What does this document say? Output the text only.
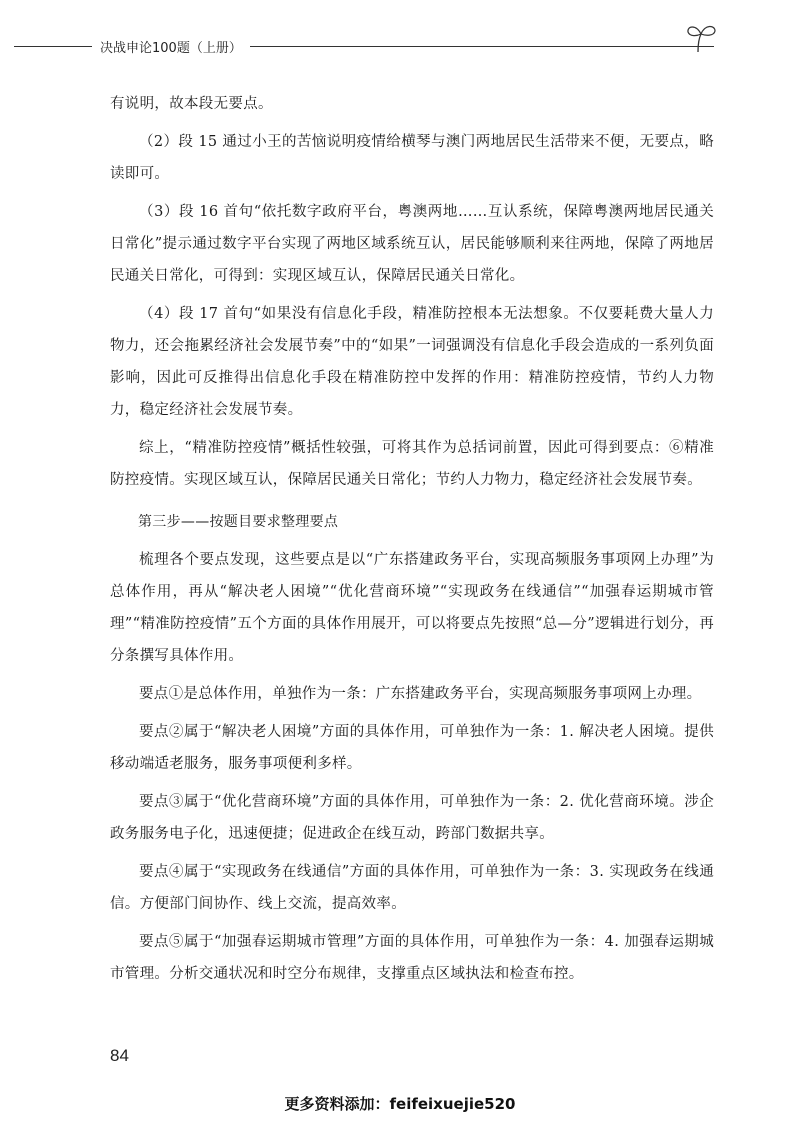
决战申论100题（上册）

有说明，故本段无要点。

（2）段 15 通过小王的苦恼说明疫情给横琴与澳门两地居民生活带来不便，无要点，略读即可。

（3）段 16 首句“依托数字政府平台，粤澳两地……互认系统，保障粤澳两地居民通关日常化”提示通过数字平台实现了两地区域系统互认，居民能够顺利来往两地，保障了两地居民通关日常化，可得到：实现区域互认，保障居民通关日常化。

（4）段 17 首句“如果没有信息化手段，精准防控根本无法想象。不仅要耗费大量人力物力，还会拖累经济社会发展节奏”中的“如果”一词强调没有信息化手段会造成的一系列负面影响，因此可反推得出信息化手段在精准防控中发挥的作用：精准防控疫情，节约人力物力，稳定经济社会发展节奏。

综上，“精准防控疫情”概括性较强，可将其作为总括词前置，因此可得到要点：⑥精准防控疫情。实现区域互认，保障居民通关日常化；节约人力物力，稳定经济社会发展节奏。

第三步——按题目要求整理要点

梳理各个要点发现，这些要点是以“广东搭建政务平台，实现高频服务事项网上办理”为总体作用，再从“解决老人困境”“优化营商环境”“实现政务在线通信”“加强春运期城市管理”“精准防控疫情”五个方面的具体作用展开，可以将要点先按照“总—分”逻辑进行划分，再分条撰写具体作用。

要点①是总体作用，单独作为一条：广东搭建政务平台，实现高频服务事项网上办理。

要点②属于“解决老人困境”方面的具体作用，可单独作为一条：1. 解决老人困境。提供移动端适老服务，服务事项便利多样。

要点③属于“优化营商环境”方面的具体作用，可单独作为一条：2. 优化营商环境。涉企政务服务电子化，迅速便捷；促进政企在线互动，跨部门数据共享。

要点④属于“实现政务在线通信”方面的具体作用，可单独作为一条：3. 实现政务在线通信。方便部门间协作、线上交流，提高效率。

要点⑤属于“加强春运期城市管理”方面的具体作用，可单独作为一条：4. 加强春运期城市管理。分析交通状况和时空分布规律，支撑重点区域执法和检查布控。

84
更多资料添加：feifeixuejie520
